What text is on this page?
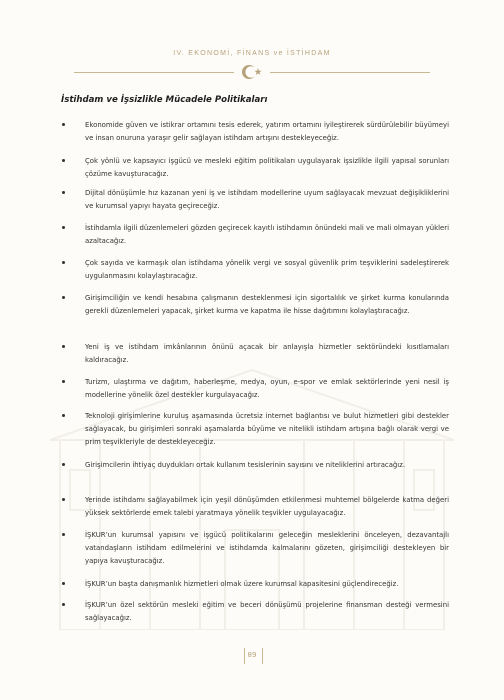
IV. EKONOMİ, FİNANS ve İSTİHDAM
İstihdam ve İşsizlikle Mücadele Politikaları
Ekonomide güven ve istikrar ortamını tesis ederek, yatırım ortamını iyileştirerek sürdürülebilir büyümeyi ve insan onuruna yaraşır gelir sağlayan istihdam artışını destekleyeceğiz.
Çok yönlü ve kapsayıcı işgücü ve mesleki eğitim politikaları uygulayarak işsizlikle ilgili yapısal sorunları çözüme kavuşturacağız.
Dijital dönüşümle hız kazanan yeni iş ve istihdam modellerine uyum sağlayacak mevzuat değişikliklerini ve kurumsal yapıyı hayata geçireceğiz.
İstihdamla ilgili düzenlemeleri gözden geçirecek kayıtlı istihdamın önündeki mali ve mali olmayan yükleri azaltacağız.
Çok sayıda ve karmaşık olan istihdama yönelik vergi ve sosyal güvenlik prim teşviklerini sadeleştirerek uygulanmasını kolaylaştıracağız.
Girişimciliğin ve kendi hesabına çalışmanın desteklenmesi için sigortalılık ve şirket kurma konularında gerekli düzenlemeleri yapacak, şirket kurma ve kapatma ile hisse dağıtımını kolaylaştıracağız.
Yeni iş ve istihdam imkânlarının önünü açacak bir anlayışla hizmetler sektöründeki kısıtlamaları kaldıracağız.
Turizm, ulaştırma ve dağıtım, haberleşme, medya, oyun, e-spor ve emlak sektörlerinde yeni nesil iş modellerine yönelik özel destekler kurgulayacağız.
Teknoloji girişimlerine kuruluş aşamasında ücretsiz internet bağlantısı ve bulut hizmetleri gibi destekler sağlayacak, bu girişimleri sonraki aşamalarda büyüme ve nitelikli istihdam artışına bağlı olarak vergi ve prim teşvikleriyle de destekleyeceğiz.
Girişimcilerin ihtiyaç duydukları ortak kullanım tesislerinin sayısını ve niteliklerini artıracağız.
Yerinde istihdamı sağlayabilmek için yeşil dönüşümden etkilenmesi muhtemel bölgelerde katma değeri yüksek sektörlerde emek talebi yaratmaya yönelik teşvikler uygulayacağız.
İŞKUR’un kurumsal yapısını ve işgücü politikalarını geleceğin mesleklerini önceleyen, dezavantajlı vatandaşların istihdam edilmelerini ve istihdamda kalmalarını gözeten, girişimciliği destekleyen bir yapıya kavuşturacağız.
İŞKUR’un başta danışmanlık hizmetleri olmak üzere kurumsal kapasitesini güçlendireceğiz.
İŞKUR’un özel sektörün mesleki eğitim ve beceri dönüşümü projelerine finansman desteği vermesini sağlayacağız.
89
